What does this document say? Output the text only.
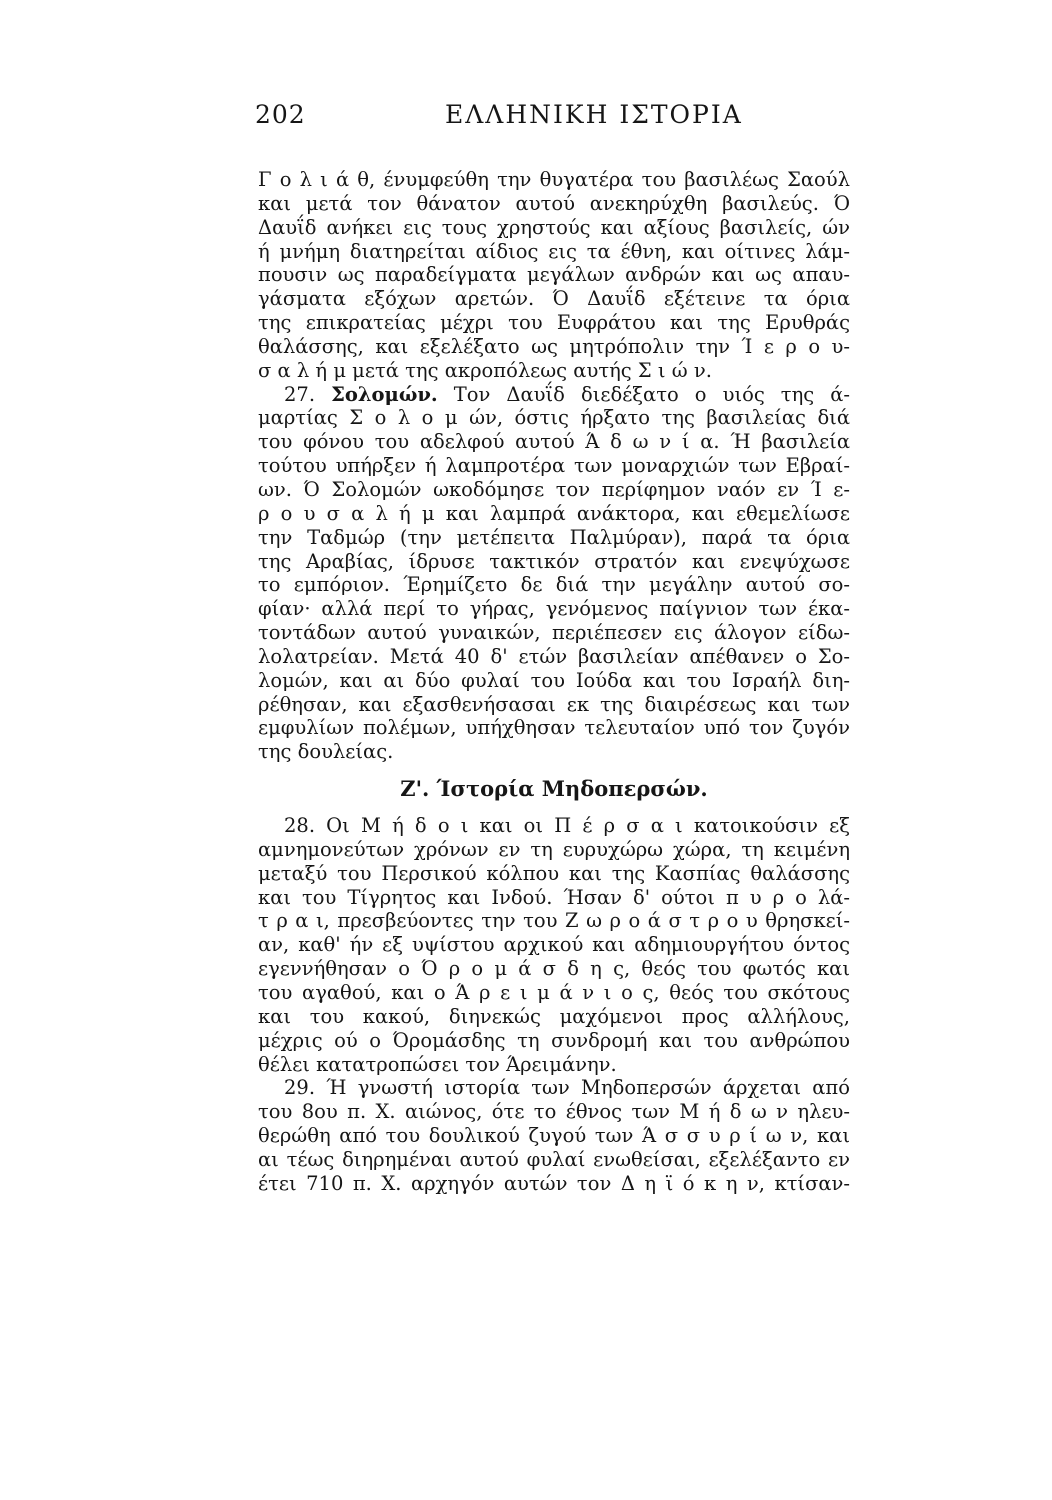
202	ΕΛΛΗΝΙΚΗ ΙΣΤΟΡΙΑ
Γ ο λ ι ά θ, ένυμφεύθη την θυγατέρα του βασιλέως Σαούλ
και μετά τον θάνατον αυτού ανεκηρύχθη βασιλεύς. Ό
Δαυΐδ ανήκει εις τους χρηστούς και αξίους βασιλείς, ών
ή μνήμη διατηρείται αίδιος εις τα έθνη, και οίτινες λάμ-
πουσιν ως παραδείγματα μεγάλων ανδρών και ως απαυ-
γάσματα εξόχων αρετών. Ό Δαυΐδ εξέτεινε τα όρια
της επικρατείας μέχρι του Ευφράτου και της Ερυθράς
θαλάσσης, και εξελέξατο ως μητρόπολιν την Ί ε ρ ο υ-
σ α λ ή μ μετά της ακροπόλεως αυτής Σ ι ώ ν.
27. Σολομών. Τον Δαυΐδ διεδέξατο ο υιός της ά-
μαρτίας Σ ο λ ο μ ών, όστις ήρξατο της βασιλείας διά
του φόνου του αδελφού αυτού Ά δ ω ν ί α. Ή βασιλεία
τούτου υπήρξεν ή λαμπροτέρα των μοναρχιών των Εβραί-
ων. Ό Σολομών ωκοδόμησε τον περίφημον ναόν εν Ί ε-
ρ ο υ σ α λ ή μ και λαμπρά ανάκτορα, και εθεμελίωσε
την Ταδμώρ (την μετέπειτα Παλμύραν), παρά τα όρια
της Αραβίας, ίδρυσε τακτικόν στρατόν και ενεψύχωσε
το εμπόριον. Έρημίζετο δε διά την μεγάλην αυτού σο-
φίαν· αλλά περί το γήρας, γενόμενος παίγνιον των έκα-
τοντάδων αυτού γυναικών, περιέπεσεν εις άλογον είδω-
λολατρείαν. Μετά 40 δ' ετών βασιλείαν απέθανεν ο Σο-
λομών, και αι δύο φυλαί του Ιούδα και του Ισραήλ διη-
ρέθησαν, και εξασθενήσασαι εκ της διαιρέσεως και των
εμφυλίων πολέμων, υπήχθησαν τελευταίον υπό τον ζυγόν
της δουλείας.
Ζ'. Ίστορία Μηδοπερσών.
28. Οι Μ ή δ ο ι και οι Π έ ρ σ α ι κατοικούσιν εξ
αμνημονεύτων χρόνων εν τη ευρυχώρω χώρα, τη κειμένη
μεταξύ του Περσικού κόλπου και της Κασπίας θαλάσσης
και του Τίγρητος και Ινδού. Ήσαν δ' ούτοι π υ ρ ο λά-
τ ρ α ι, πρεσβεύοντες την του Ζ ω ρ ο ά σ τ ρ ο υ θρησκεί-
αν, καθ' ήν εξ υψίστου αρχικού και αδημιουργήτου όντος
εγεννήθησαν ο Ό ρ ο μ ά σ δ η ς, θεός του φωτός και
του αγαθού, και ο Ά ρ ε ι μ ά ν ι ο ς, θεός του σκότους
και του κακού, διηνεκώς μαχόμενοι προς αλλήλους,
μέχρις ού ο Όρομάσδης τη συνδρομή και του ανθρώπου
θέλει κατατροπώσει τον Άρειμάνην.
29. Ή γνωστή ιστορία των Μηδοπερσών άρχεται από
του 8ου π. Χ. αιώνος, ότε το έθνος των Μ ή δ ω ν ηλευ-
θερώθη από του δουλικού ζυγού των Ά σ σ υ ρ ί ω ν, και
αι τέως διηρημέναι αυτού φυλαί ενωθείσαι, εξελέξαντο εν
έτει 710 π. Χ. αρχηγόν αυτών τον Δ η ϊ ό κ η ν, κτίσαν-
